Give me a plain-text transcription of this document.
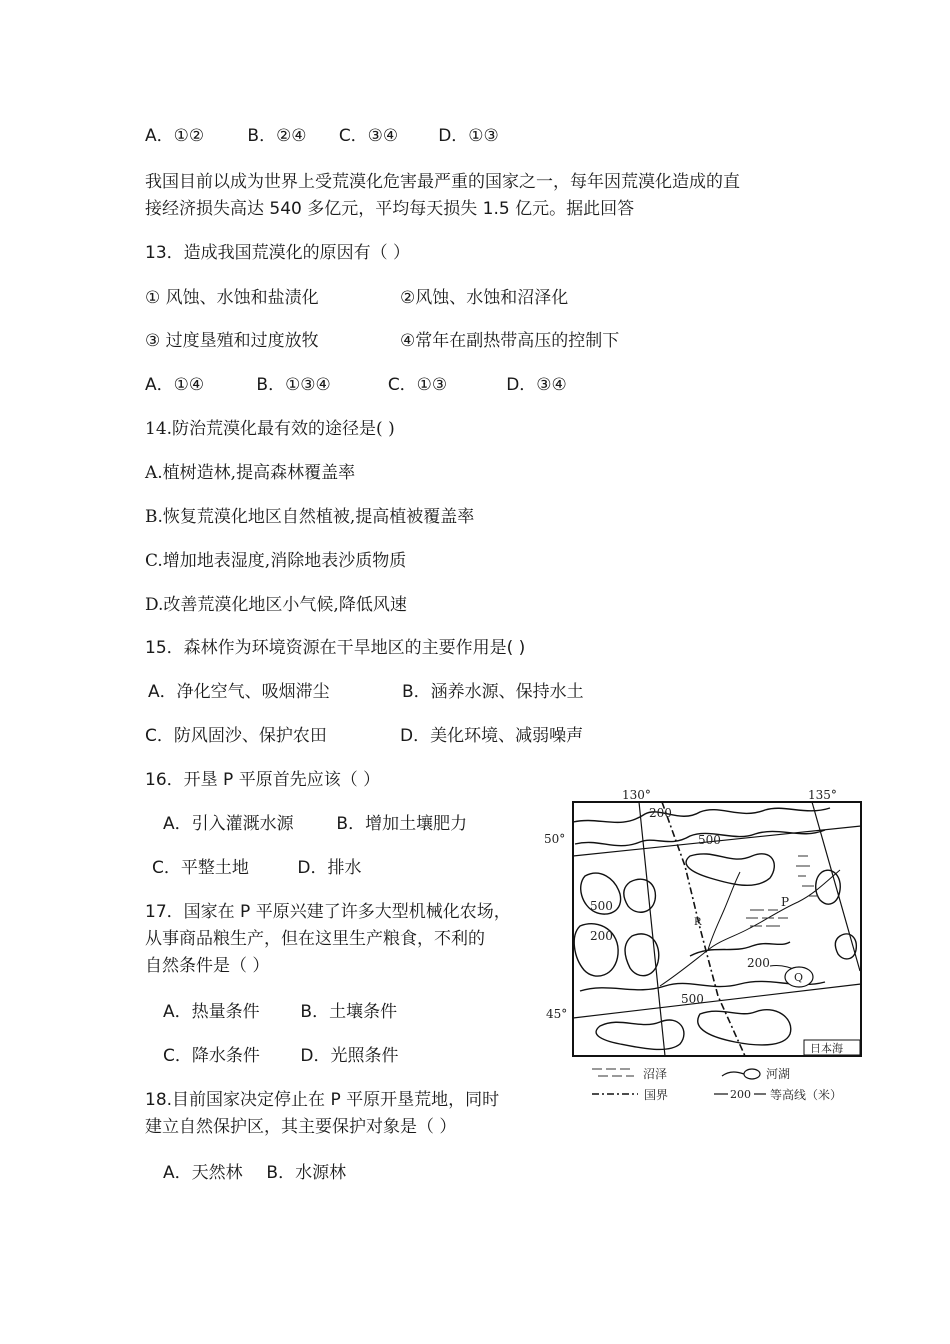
A．①②	B．②④ C．③④ D．①③
我国目前以成为世界上受荒漠化危害最严重的国家之一，每年因荒漠化造成的直
接经济损失高达 540 多亿元，平均每天损失 1.5 亿元。据此回答
13．造成我国荒漠化的原因有（ ）
① 风蚀、水蚀和盐渍化	②风蚀、水蚀和沼泽化
③ 过度垦殖和过度放牧	④常年在副热带高压的控制下
A．①④	B．①③④	C．①③	D．③④
14.防治荒漠化最有效的途径是( )
A.植树造林,提高森林覆盖率
B.恢复荒漠化地区自然植被,提高植被覆盖率
C.增加地表湿度,消除地表沙质物质
D.改善荒漠化地区小气候,降低风速
15．森林作为环境资源在干旱地区的主要作用是( )
A．净化空气、吸烟滞尘	B．涵养水源、保持水土
C．防风固沙、保护农田	D．美化环境、减弱噪声
16．开垦 P 平原首先应该（ ）
A．引入灌溉水源	B．增加土壤肥力
C．平整土地	D．排水
17．国家在 P 平原兴建了许多大型机械化农场，
从事商品粮生产，但在这里生产粮食，不利的
自然条件是（ ）
A．热量条件 B．土壤条件
C．降水条件 D．光照条件
18.目前国家决定停止在 P 平原开垦荒地，同时
建立自然保护区，其主要保护对象是（ ）
A．天然林 B．水源林
130°	135°
50°
45°
200
500
500
200
200
500
P
R
Q
日本海
沼泽	河湖
国界	200 等高线（米）
